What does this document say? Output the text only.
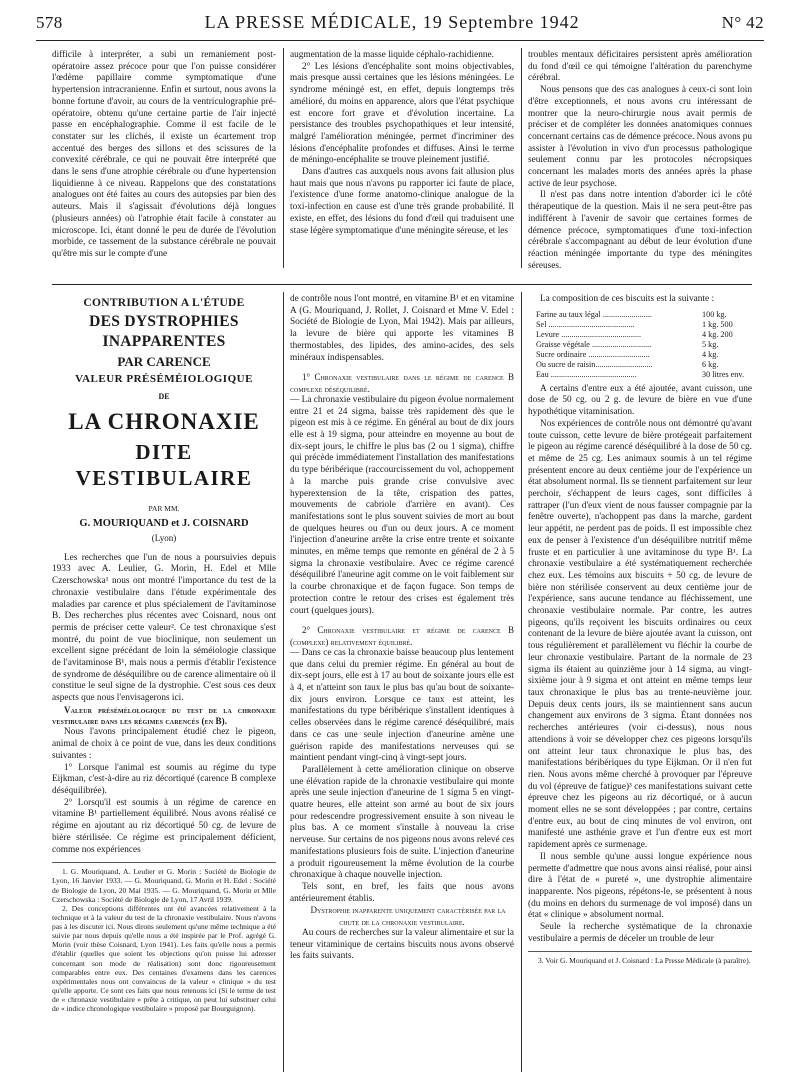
578	LA PRESSE MÉDICALE, 19 Septembre 1942	N° 42

difficile à interpréter, a subi un remaniement post-opératoire assez précoce pour que l'on puisse considérer l'œdème papillaire comme symptomatique d'une hypertension intracranienne. Enfin et surtout, nous avons la bonne fortune d'avoir, au cours de la ventriculographie pré-opératoire, obtenu qu'une certaine partie de l'air injecté passe en encéphalographie. Comme il est facile de le constater sur les clichés, il existe un écartement trop accentué des berges des sillons et des scissures de la convexité cérébrale, ce qui ne pouvait être interprété que dans le sens d'une atrophie cérébrale ou d'une hypertension liquidienne à ce niveau. Rappelons que des constatations analogues ont été faites au cours des autopsies par bien des auteurs. Mais il s'agissait d'évolutions déjà longues (plusieurs années) où l'atrophie était facile à constater au microscope. Ici, étant donné le peu de durée de l'évolution morbide, ce tassement de la substance cérébrale ne pouvait qu'être mis sur le compte d'une

augmentation de la masse liquide céphalo-rachidienne.

2° Les lésions d'encéphalite sont moins objectivables, mais presque aussi certaines que les lésions méningées. Le syndrome méningé est, en effet, depuis longtemps très amélioré, du moins en apparence, alors que l'état psychique est encore fort grave et d'évolution incertaine. La persistance des troubles psychopathiques et leur intensité, malgré l'amélioration méningée, permet d'incriminer des lésions d'encéphalite profondes et diffuses. Ainsi le terme de méningo-encéphalite se trouve pleinement justifié.

Dans d'autres cas auxquels nous avons fait allusion plus haut mais que nous n'avons pu rapporter ici faute de place, l'existence d'une forme anatomo-clinique analogue de la toxi-infection en cause est d'une très grande probabilité. Il existe, en effet, des lésions du fond d'œil qui traduisent une stase légère symptomatique d'une méningite séreuse, et les

troubles mentaux déficitaires persistent après amélioration du fond d'œil ce qui témoigne l'altération du parenchyme cérébral.

Nous pensons que des cas analogues à ceux-ci sont loin d'être exceptionnels, et nous avons cru intéressant de montrer que la neuro-chirurgie nous avait permis de préciser et de compléter les données anatomiques connues concernant certains cas de démence précoce. Nous avons pu assister à l'évolution in vivo d'un processus pathologique seulement connu par les protocoles nécropsiques concernant les malades morts des années après la phase active de leur psychose.

Il n'est pas dans notre intention d'aborder ici le côté thérapeutique de la question. Mais il ne sera peut-être pas indifférent à l'avenir de savoir que certaines formes de démence précoce, symptomatiques d'une toxi-infection cérébrale s'accompagnant au début de leur évolution d'une réaction méningée importante du type des méningites séreuses.

CONTRIBUTION A L'ÉTUDE
DES DYSTROPHIES INAPPARENTES
PAR CARENCE
VALEUR PRÉSÉMÉIOLOGIQUE
DE
LA CHRONAXIE
DITE VESTIBULAIRE
PAR MM.
G. MOURIQUAND et J. COISNARD
(Lyon)

Les recherches que l'un de nous a poursuivies depuis 1933 avec A. Leulier, G. Morin, H. Edel et Mlle Czerschowska¹ nous ont montré l'importance du test de la chronaxie vestibulaire dans l'étude expérimentale des maladies par carence et plus spécialement de l'avitaminose B. Des recherches plus récentes avec Coisnard, nous ont permis de préciser cette valeur². Ce test chronaxique s'est montré, du point de vue bioclinique, non seulement un excellent signe précédant de loin la séméiologie classique de l'avitaminose B¹, mais nous a permis d'établir l'existence de syndrome de déséquilibre ou de carence alimentaire où il constitue le seul signe de la dystrophie. C'est sous ces deux aspects que nous l'envisagerons ici.

Valeur présémélologique du test de la chronaxie vestibulaire dans les régimes carencés (en B).

Nous l'avons principalement étudié chez le pigeon, animal de choix à ce point de vue, dans les deux conditions suivantes :

1° Lorsque l'animal est soumis au régime du type Eijkman, c'est-à-dire au riz décortiqué (carence B complexe déséquilibrée).

2° Lorsqu'il est soumis à un régime de carence en vitamine B¹ partiellement équilibré. Nous avons réalisé ce régime en ajoutant au riz décortiqué 50 cg. de levure de bière stérilisée. Ce régime est principalement déficient, comme nos expériences

1. G. Mouriquand, A. Leulier et G. Morin : Société de Biologie de Lyon, 16 Janvier 1933. — G. Mouriquand, G. Morin et H. Edel : Société de Biologie de Lyon, 20 Mai 1935. — G. Mouriquand, G. Morin et Mlle Czerschowska : Société de Biologie de Lyon, 17 Avril 1939.

2. Des conceptions différentes ont été avancées relativement à la technique et à la valeur du test de la chronaxie vestibulaire. Nous n'avons pas à les discuter ici. Nous dirons seulement qu'une même technique a été suivie par nous depuis qu'elle nous a été inspirée par le Prof. agrégé G. Morin (voir thèse Coisnard, Lyon 1941). Les faits qu'elle nous a permis d'établir (quelles que soient les objections qu'on puisse lui adresser concernant son mode de réalisation) sont donc rigoureusement comparables entre eux. Des centaines d'examens dans les carences expérimentales nous ont convaincus de la valeur « clinique » du test qu'elle apporte. Ce sont ces faits que nous retenons ici (Si le terme de test de « chronaxie vestibulaire » prête à critique, on peut lui substituer celui de « indice chronologique vestibulaire » proposé par Bourguignon).

de contrôle nous l'ont montré, en vitamine B¹ et en vitamine A (G. Mouriquand, J. Rollet, J. Coisnard et Mme V. Edel : Société de Biologie de Lyon, Mai 1942). Mais par ailleurs, la levure de bière qui apporte les vitamines B thermostables, des lipides, des amino-acides, des sels minéraux indispensables.

1° Chronaxie vestibulaire dans le régime de carence B complexe déséquilibré.

— La chronaxie vestibulaire du pigeon évolue normalement entre 21 et 24 sigma, baisse très rapidement dès que le pigeon est mis à ce régime. En général au bout de dix jours elle est à 19 sigma, pour atteindre en moyenne au bout de dix-sept jours, le chiffre le plus bas (2 ou 1 sigma), chiffre qui précède immédiatement l'installation des manifestations du type béribérique (raccourcissement du vol, achoppement à la marche puis grande crise convulsive avec hyperextension de la tête, crispation des pattes, mouvements de cabriole d'arrière en avant). Ces manifestations sont le plus souvent suivies de mort au bout de quelques heures ou d'un ou deux jours. A ce moment l'injection d'aneurine arrête la crise entre trente et soixante minutes, en même temps que remonte en général de 2 à 5 sigma la chronaxie vestibulaire. Avec ce régime carencé déséquilibré l'aneurine agit comme on le voit faiblement sur la courbe chronaxique et de façon fugace. Son temps de protection contre le retour des crises est également très court (quelques jours).

2° Chronaxie vestibulaire et régime de carence B (complexe) relativement équilibré.

— Dans ce cas la chronaxie baisse beaucoup plus lentement que dans celui du premier régime. En général au bout de dix-sept jours, elle est à 17 au bout de soixante jours elle est à 4, et n'atteint son taux le plus bas qu'au bout de soixante-dix jours environ. Lorsque ce taux est atteint, les manifestations du type béribérique s'installent identiques à celles observées dans le régime carencé déséquilibré, mais dans ce cas une seule injection d'aneurine amène une guérison rapide des manifestations nerveuses qui se maintient pendant vingt-cinq à vingt-sept jours.

Parallèlement à cette amélioration clinique on observe une élévation rapide de la chronaxie vestibulaire qui monte après une seule injection d'aneurine de 1 sigma 5 en vingt-quatre heures, elle atteint son armé au bout de six jours pour redescendre progressivement ensuite à son niveau le plus bas. A ce moment s'installe à nouveau la crise nerveuse. Sur certains de nos pigeons nous avons relevé ces manifestations plusieurs fois de suite. L'injection d'aneurine a produit rigoureusement la même évolution de la courbe chronaxique à chaque nouvelle injection.

Tels sont, en bref, les faits que nous avons antérieurement établis.

Dystrophie inapparente uniquement caractérisée par la chute de la chronaxie vestibulaire.

Au cours de recherches sur la valeur alimentaire et sur la teneur vitaminique de certains biscuits nous avons observé les faits suivants.

La composition de ces biscuits est la suivante :

Farine au taux légal ........................	100 kg.
Sel ..........................................	1 kg. 500
Levure .......................................	4 kg. 200
Graisse végétale .............................	5 kg.
Sucre ordinaire ..............................	4 kg.
Ou sucre de raisin............................	6 kg.
Eau ..........................................	30 litres env.

A certains d'entre eux a été ajoutée, avant cuisson, une dose de 50 cg. ou 2 g. de levure de bière en vue d'une hypothétique vitaminisation.

Nos expériences de contrôle nous ont démontré qu'avant toute cuisson, cette levure de bière protégeait parfaitement le pigeon au régime carencé déséquilibré à la dose de 50 cg. et même de 25 cg. Les animaux soumis à un tel régime présentent encore au deux centième jour de l'expérience un état absolument normal. Ils se tiennent parfaitement sur leur perchoir, s'échappent de leurs cages, sont difficiles à rattraper (l'un d'eux vient de nous fausser compagnie par la fenêtre ouverte), n'achoppent pas dans la marche, gardent leur appétit, ne perdent pas de poids. Il est impossible chez eux de penser à l'existence d'un déséquilibre nutritif même fruste et en particulier à une avitaminose du type B¹. La chronaxie vestibulaire a été systématiquement recherchée chez eux. Les témoins aux biscuits + 50 cg. de levure de bière non stérilisée conservent au deux centième jour de l'expérience, sans aucune tendance au fléchissement, une chronaxie vestibulaire normale. Par contre, les autres pigeons, qu'ils reçoivent les biscuits ordinaires ou ceux contenant de la levure de bière ajoutée avant la cuisson, ont tous régulièrement et parallèlement vu fléchir la courbe de leur chronaxie vestibulaire. Partant de la normale de 23 sigma ils étaient au quinzième jour à 14 sigma, au vingt-sixième jour à 9 sigma et ont atteint en même temps leur taux chronaxique le plus bas au trente-neuvième jour. Depuis deux cents jours, ils se maintiennent sans aucun changement aux environs de 3 sigma. Étant données nos recherches antérieures (voir ci-dessus), nous nous attendions à voir se développer chez ces pigeons lorsqu'ils ont atteint leur taux chronaxique le plus bas, des manifestations béribériques du type Eijkman. Or il n'en fut rien. Nous avons même cherché à provoquer par l'épreuve du vol (épreuve de fatigue)³ ces manifestations suivant cette épreuve chez les pigeons au riz décortiqué, or à aucun moment elles ne se sont développées ; par contre, certains d'entre eux, au bout de cinq minutes de vol environ, ont manifesté une asthénie grave et l'un d'entre eux est mort rapidement après ce surmenage.

Il nous semble qu'une aussi longue expérience nous permette d'admettre que nous avons ainsi réalisé, pour ainsi dire à l'état de « pureté », une dystrophie alimentaire inapparente. Nos pigeons, répétons-le, se présentent à nous (du moins en dehors du surmenage de vol imposé) dans un état « clinique » absolument normal.

Seule la recherche systématique de la chronaxie vestibulaire a permis de déceler un trouble de leur

3. Voir G. Mouriquand et J. Coisnard : La Presse Médicale (à paraître).
